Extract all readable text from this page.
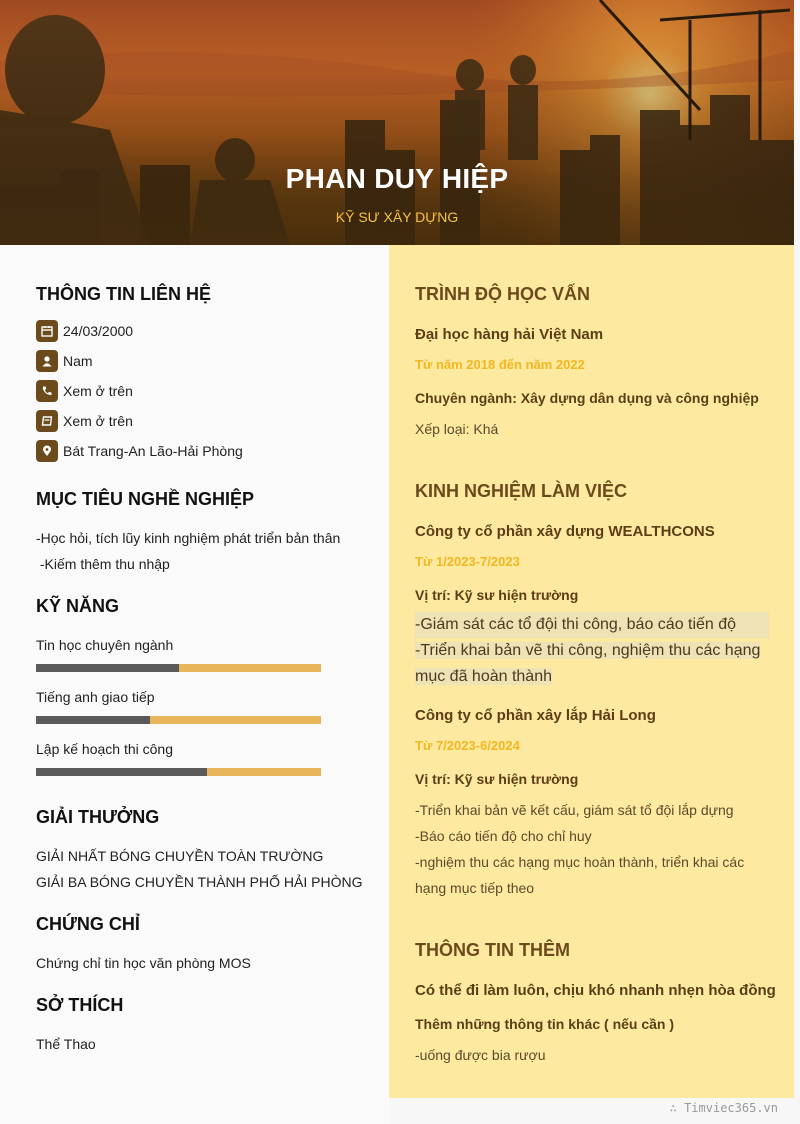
PHAN DUY HIỆP
KỸ SƯ XÂY DỰNG
THÔNG TIN LIÊN HỆ
24/03/2000
Nam
Xem ở trên
Xem ở trên
Bát Trang-An Lão-Hải Phòng
MỤC TIÊU NGHỀ NGHIỆP
-Học hỏi, tích lũy kinh nghiệm phát triển bản thân
-Kiếm thêm thu nhập
KỸ NĂNG
Tin học chuyên ngành
Tiếng anh giao tiếp
Lập kế hoạch thi công
GIẢI THƯỞNG
GIẢI NHẤT BÓNG CHUYỀN TOÀN TRƯỜNG
GIẢI BA BÓNG CHUYỀN THÀNH PHỐ HẢI PHÒNG
CHỨNG CHỈ
Chứng chỉ tin học văn phòng MOS
SỞ THÍCH
Thể Thao
TRÌNH ĐỘ HỌC VẤN
Đại học hàng hải Việt Nam
Từ năm 2018 đến năm 2022
Chuyên ngành: Xây dựng dân dụng và công nghiệp
Xếp loại: Khá
KINH NGHIỆM LÀM VIỆC
Công ty cổ phần xây dựng WEALTHCONS
Từ 1/2023-7/2023
Vị trí: Kỹ sư hiện trường
-Giám sát các tổ đội thi công, báo cáo tiến độ
-Triển khai bản vẽ thi công, nghiệm thu các hạng
mục đã hoàn thành
Công ty cổ phần xây lắp Hải Long
Từ 7/2023-6/2024
Vị trí: Kỹ sư hiện trường
-Triển khai bản vẽ kết cấu, giám sát tổ đội lắp dựng
-Báo cáo tiến độ cho chỉ huy
-nghiệm thu các hạng mục hoàn thành, triển khai các
hạng mục tiếp theo
THÔNG TIN THÊM
Có thể đi làm luôn, chịu khó nhanh nhẹn hòa đồng
Thêm những thông tin khác ( nếu cần )
-uống được bia rượu
∴ Timviec365.vn
